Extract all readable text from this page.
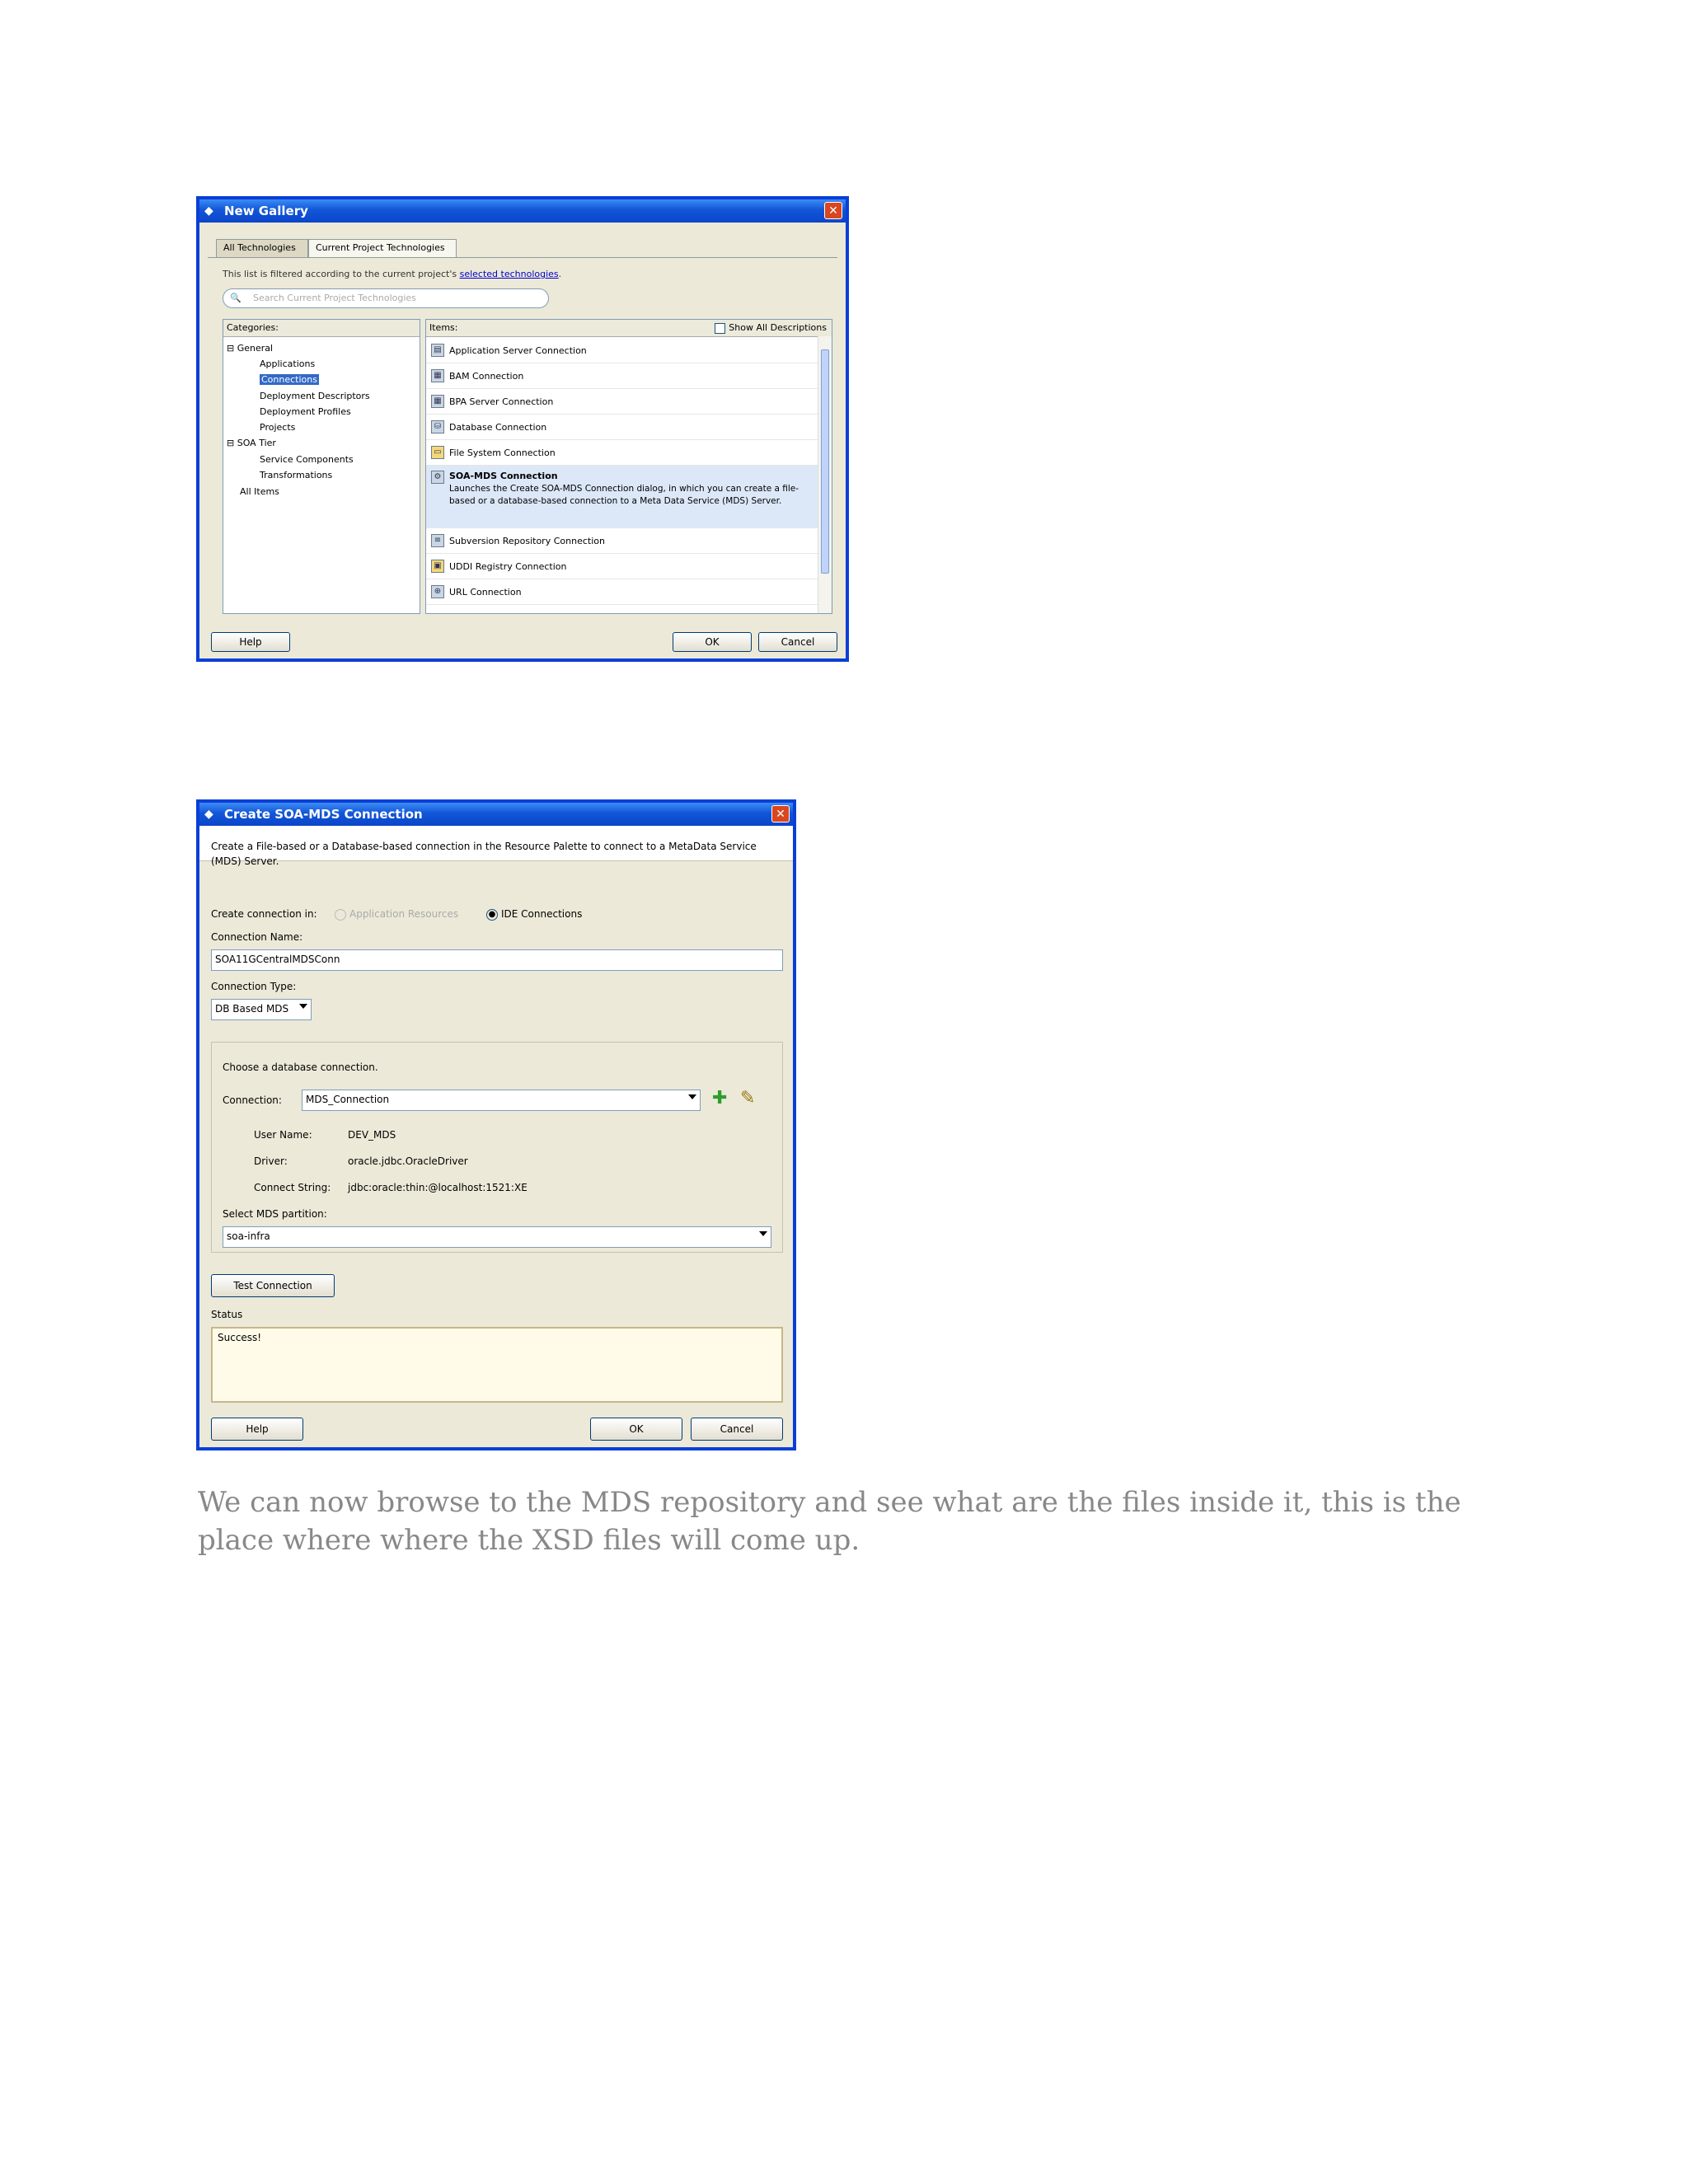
◆ New Gallery	✕
All Technologies	Current Project Technologies
This list is filtered according to the current project's selected technologies.
🔍 Search Current Project Technologies
Categories:
⊟ General
Applications
Connections
Deployment Descriptors
Deployment Profiles
Projects
⊟ SOA Tier
Service Components
Transformations
All Items
Items:	Show All Descriptions
▤ Application Server Connection
▦ BAM Connection
▦ BPA Server Connection
⛁ Database Connection
▭ File System Connection
⚙ SOA-MDS Connection
Launches the Create SOA-MDS Connection dialog, in which you can create a file-based or a database-based connection to a Meta Data Service (MDS) Server.
≡ Subversion Repository Connection
▣ UDDI Registry Connection
⊕ URL Connection
Help	OK	Cancel
◆ Create SOA-MDS Connection	✕
Create a File-based or a Database-based connection in the Resource Palette to connect to a MetaData Service (MDS) Server.
Create connection in:	Application Resources	● IDE Connections
Connection Name:
SOA11GCentralMDSConn
Connection Type:
DB Based MDS
Choose a database connection.
Connection:	MDS_Connection	✚ ✎
User Name:	DEV_MDS
Driver:	oracle.jdbc.OracleDriver
Connect String: jdbc:oracle:thin:@localhost:1521:XE
Select MDS partition:
soa-infra
Test Connection
Status
Success!
Help	OK	Cancel
We can now browse to the MDS repository and see what are the files inside it, this is the place where where the XSD files will come up.
